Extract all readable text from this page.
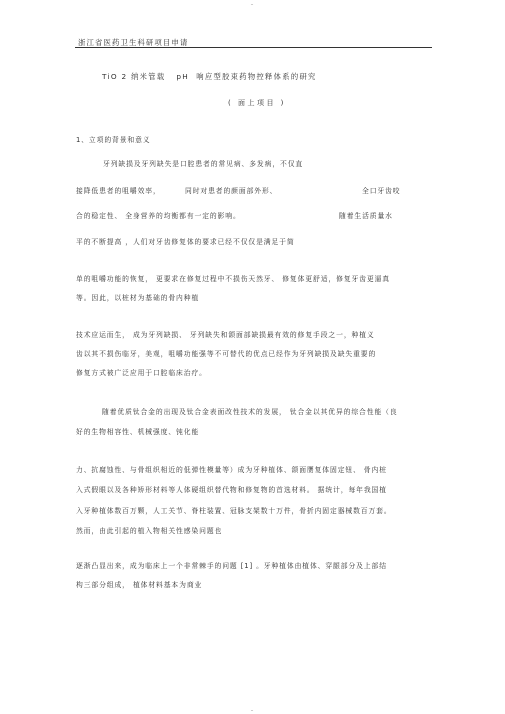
_
浙江省医药卫生科研项目申请
TiO 2 纳米管载   pH  响应型胶束药物控释体系的研究
( 面上项目 )
1、立项的背景和意义
牙列缺损及牙列缺失是口腔患者的常见病、多发病，不仅直
接降低患者的咀嚼效率，	同时对患者的颜面部外形、	全口牙齿咬
合的稳定性、 全身营养的均衡都有一定的影响。	随着生活质量水
平的不断提高 ，人们对牙齿修复体的要求已经不仅仅是满足于简
单的咀嚼功能的恢复， 更要求在修复过程中不损伤天然牙、 修复体更舒适，修复牙齿更逼真
等。因此，以桩材为基础的骨内种植
技术应运而生， 成为牙列缺损、 牙列缺失和颌面部缺损最有效的修复手段之一，种植义
齿以其不损伤临牙，美观，咀嚼功能强等不可替代的优点已经作为牙列缺损及缺失重要的
修复方式被广泛应用于口腔临床治疗。
随着优质钛合金的出现及钛合金表面改性技术的发展， 钛合金以其优异的综合性能（良
好的生物相容性、机械强度、钝化能
力、抗腐蚀性、与骨组织相近的低弹性模量等）成为牙种植体、颌面赝复体固定钮、 骨内桩
入式假眼以及各种矫形材料等人体硬组织替代物和修复物的首选材料。 据统计，每年我国植
入牙种植体数百万颗，人工关节、脊柱装置、冠脉支架数十万件，骨折内固定器械数百万套。
然而，由此引起的植入物相关性感染问题也
逐渐凸显出来，成为临床上一个非常棘手的问题 [1] 。牙种植体由植体、穿龈部分及上部结
构三部分组成， 植体材料基本为商业
_
